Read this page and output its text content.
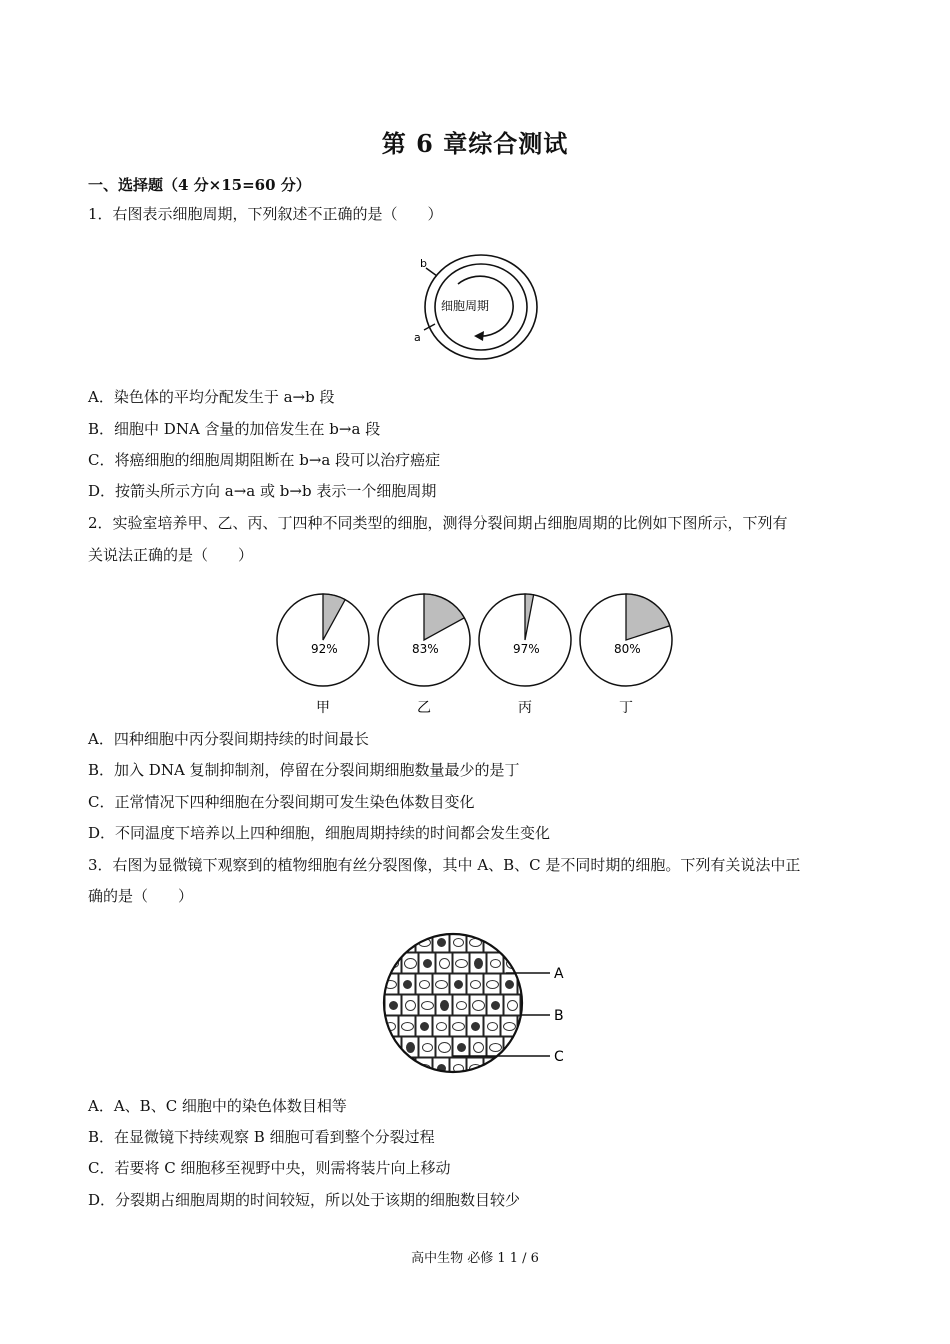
第 6 章综合测试
一、选择题（4 分×15=60 分）
1．右图表示细胞周期，下列叙述不正确的是（　　）
b
a
细胞周期
A．染色体的平均分配发生于 a→b 段
B．细胞中 DNA 含量的加倍发生在 b→a 段
C．将癌细胞的细胞周期阻断在 b→a 段可以治疗癌症
D．按箭头所示方向 a→a 或 b→b 表示一个细胞周期
2．实验室培养甲、乙、丙、丁四种不同类型的细胞，测得分裂间期占细胞周期的比例如下图所示，下列有
关说法正确的是（　　）
92%
甲
83%
乙
97%
丙
80%
丁
A．四种细胞中丙分裂间期持续的时间最长
B．加入 DNA 复制抑制剂，停留在分裂间期细胞数量最少的是丁
C．正常情况下四种细胞在分裂间期可发生染色体数目变化
D．不同温度下培养以上四种细胞，细胞周期持续的时间都会发生变化
3．右图为显微镜下观察到的植物细胞有丝分裂图像，其中 A、B、C 是不同时期的细胞。下列有关说法中正
确的是（　　）
A
B
C
A．A、B、C 细胞中的染色体数目相等
B．在显微镜下持续观察 B 细胞可看到整个分裂过程
C．若要将 C 细胞移至视野中央，则需将装片向上移动
D．分裂期占细胞周期的时间较短，所以处于该期的细胞数目较少
高中生物 必修 1 1 / 6
